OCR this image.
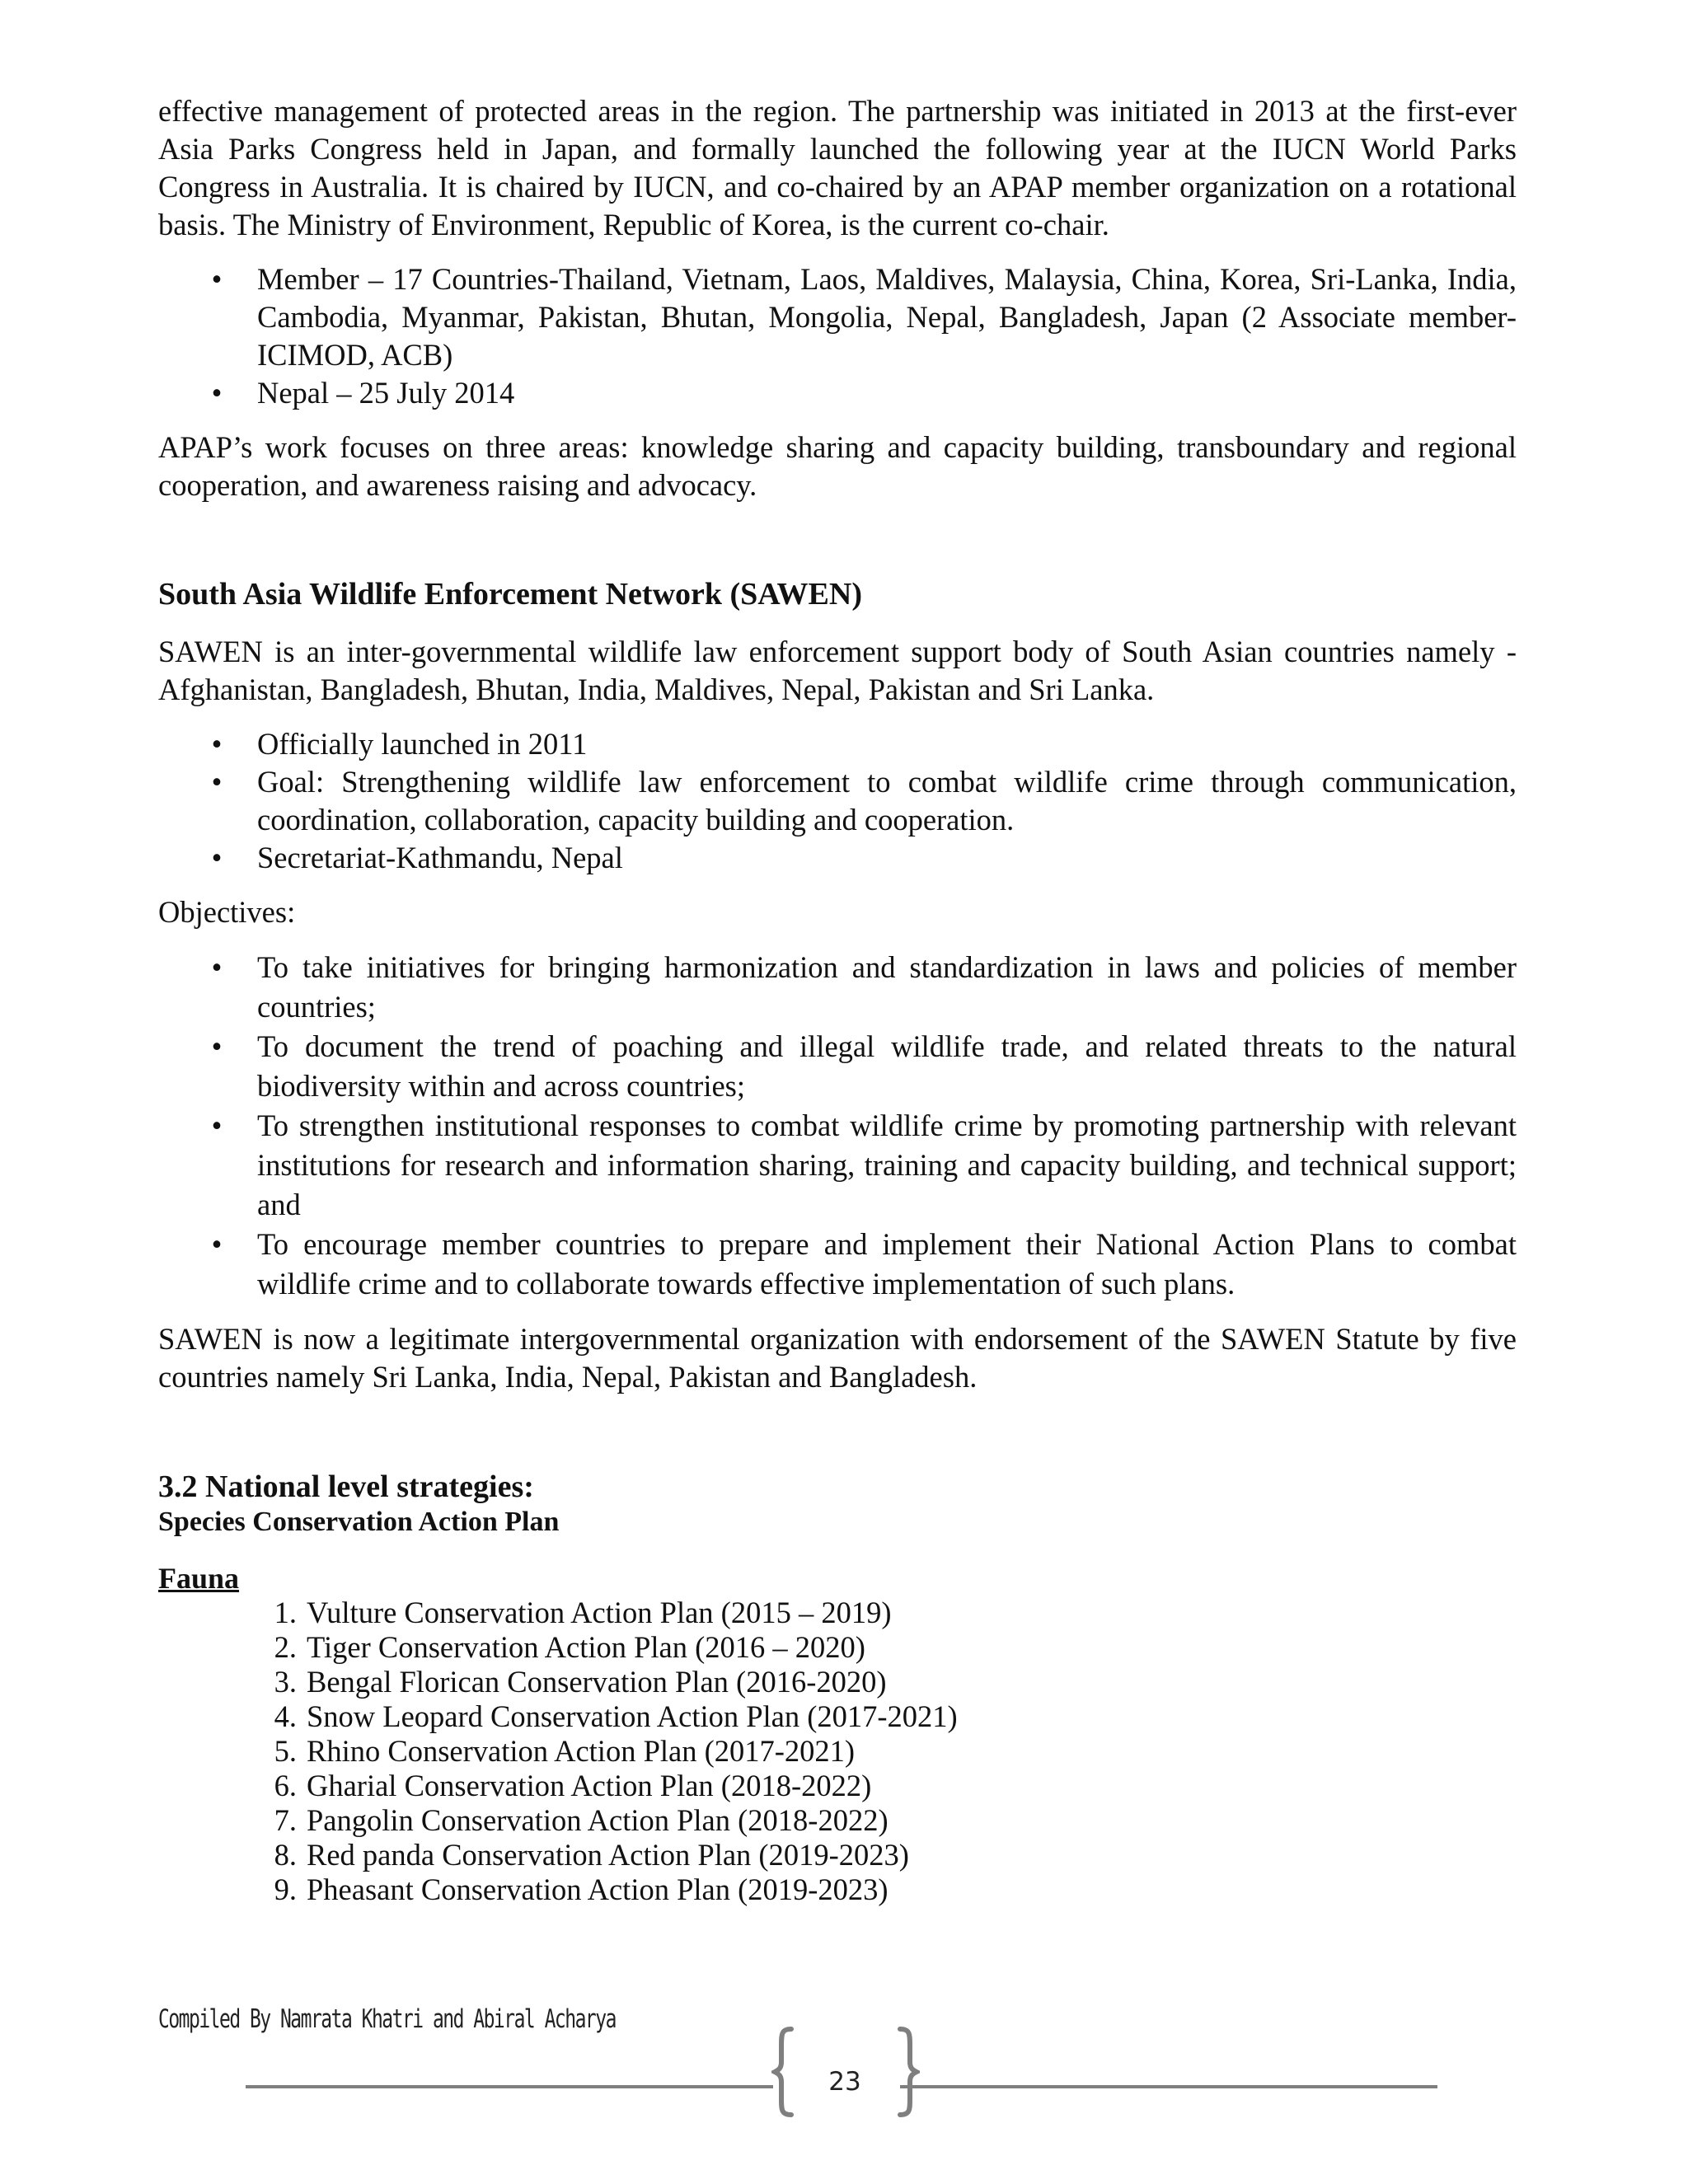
effective management of protected areas in the region. The partnership was initiated in 2013 at the first-ever Asia Parks Congress held in Japan, and formally launched the following year at the IUCN World Parks Congress in Australia. It is chaired by IUCN, and co-chaired by an APAP member organization on a rotational basis. The Ministry of Environment, Republic of Korea, is the current co-chair.

• Member – 17 Countries-Thailand, Vietnam, Laos, Maldives, Malaysia, China, Korea, Sri-Lanka, India, Cambodia, Myanmar, Pakistan, Bhutan, Mongolia, Nepal, Bangladesh, Japan (2 Associate member-ICIMOD, ACB)
• Nepal – 25 July 2014

APAP’s work focuses on three areas: knowledge sharing and capacity building, transboundary and regional cooperation, and awareness raising and advocacy.

South Asia Wildlife Enforcement Network (SAWEN)

SAWEN is an inter-governmental wildlife law enforcement support body of South Asian countries namely - Afghanistan, Bangladesh, Bhutan, India, Maldives, Nepal, Pakistan and Sri Lanka.

• Officially launched in 2011
• Goal: Strengthening wildlife law enforcement to combat wildlife crime through communication, coordination, collaboration, capacity building and cooperation.
• Secretariat-Kathmandu, Nepal

Objectives:

• To take initiatives for bringing harmonization and standardization in laws and policies of member countries;
• To document the trend of poaching and illegal wildlife trade, and related threats to the natural biodiversity within and across countries;
• To strengthen institutional responses to combat wildlife crime by promoting partnership with relevant institutions for research and information sharing, training and capacity building, and technical support; and
• To encourage member countries to prepare and implement their National Action Plans to combat wildlife crime and to collaborate towards effective implementation of such plans.

SAWEN is now a legitimate intergovernmental organization with endorsement of the SAWEN Statute by five countries namely Sri Lanka, India, Nepal, Pakistan and Bangladesh.

3.2 National level strategies:
Species Conservation Action Plan
Fauna
1. Vulture Conservation Action Plan (2015 – 2019)
2. Tiger Conservation Action Plan (2016 – 2020)
3. Bengal Florican Conservation Plan (2016-2020)
4. Snow Leopard Conservation Action Plan (2017-2021)
5. Rhino Conservation Action Plan (2017-2021)
6. Gharial Conservation Action Plan (2018-2022)
7. Pangolin Conservation Action Plan (2018-2022)
8. Red panda Conservation Action Plan (2019-2023)
9. Pheasant Conservation Action Plan (2019-2023)
Compiled By Namrata Khatri and Abiral Acharya
23
